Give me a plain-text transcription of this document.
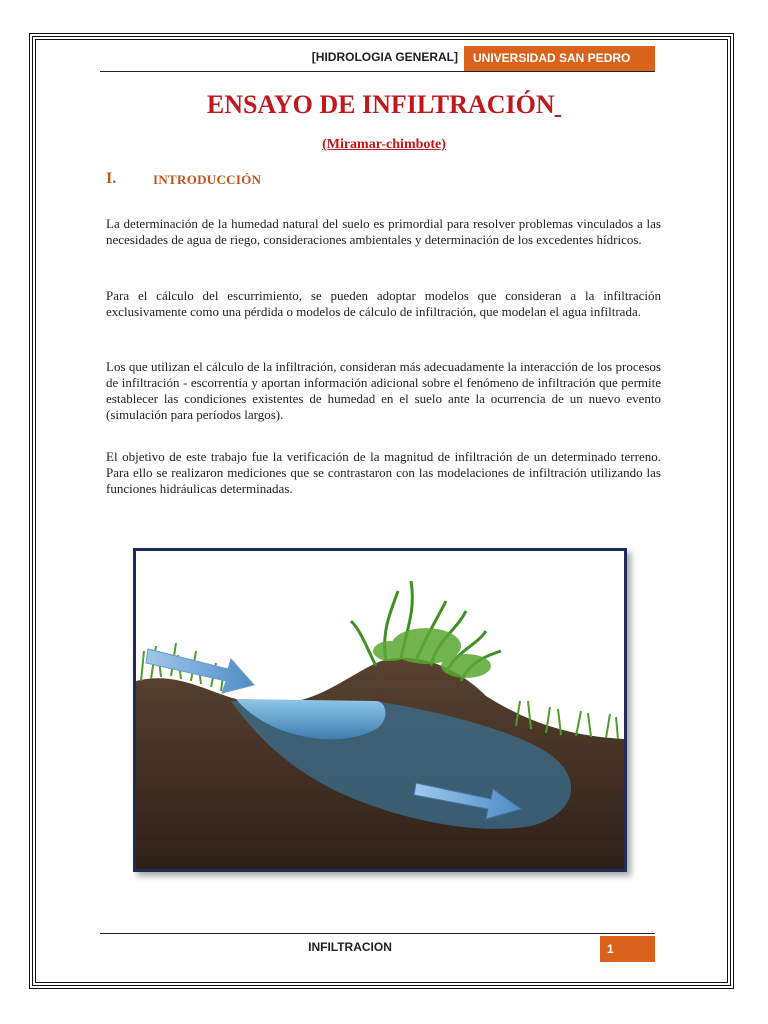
[HIDROLOGIA GENERAL]	UNIVERSIDAD SAN PEDRO
ENSAYO DE INFILTRACIÓN
(Miramar-chimbote)
I.	INTRODUCCIÓN

La determinación de la humedad natural del suelo es primordial para resolver problemas vinculados a las necesidades de agua de riego, consideraciones ambientales y determinación de los excedentes hídricos.

Para el cálculo del escurrimiento, se pueden adoptar modelos que consideran a la infiltración exclusivamente como una pérdida o modelos de cálculo de infiltración, que modelan el agua infiltrada.

Los que utilizan el cálculo de la infiltración, consideran más adecuadamente la interacción de los procesos de infiltración - escorrentía y aportan información adicional sobre el fenómeno de infiltración que permite establecer las condiciones existentes de humedad en el suelo ante la ocurrencia de un nuevo evento (simulación para períodos largos).

El objetivo de este trabajo fue la verificación de la magnitud de infiltración de un determinado terreno. Para ello se realizaron mediciones que se contrastaron con las modelaciones de infiltración utilizando las funciones hidráulicas determinadas.

INFILTRACION	1
